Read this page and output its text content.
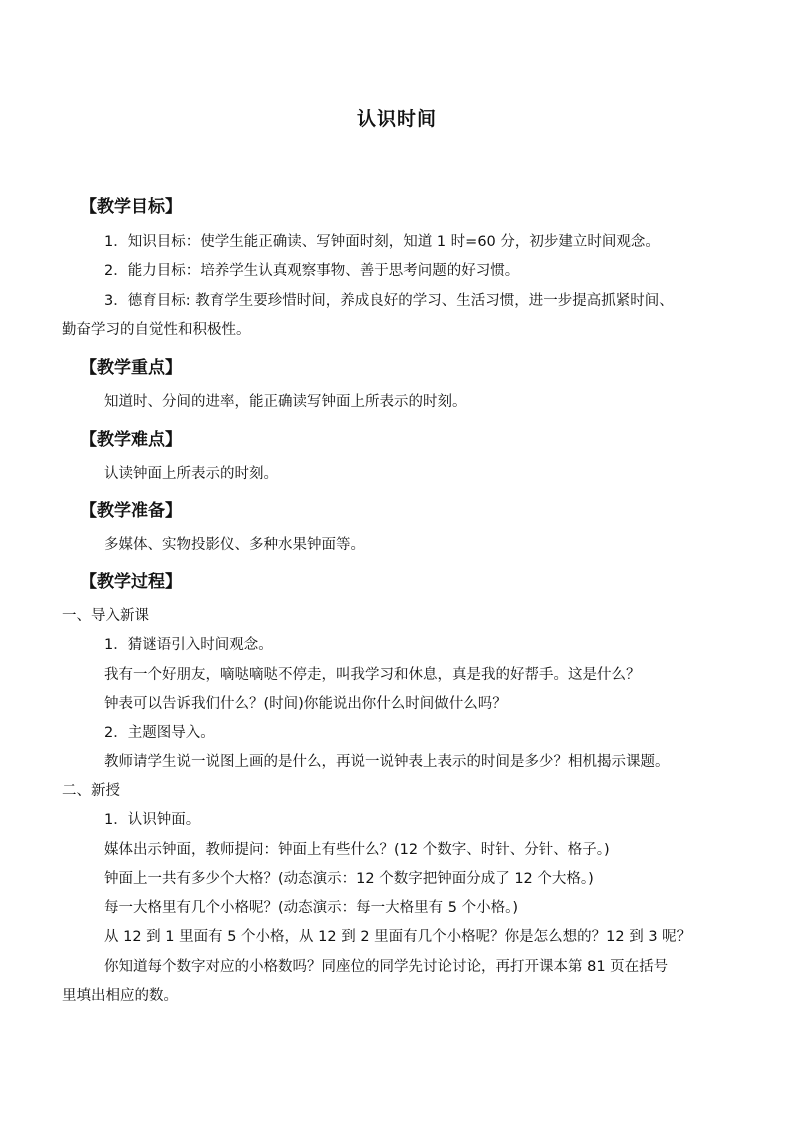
认识时间
【教学目标】
1．知识目标：使学生能正确读、写钟面时刻，知道 1 时=60 分，初步建立时间观念。
2．能力目标：培养学生认真观察事物、善于思考问题的好习惯。
3．德育目标: 教育学生要珍惜时间，养成良好的学习、生活习惯，进一步提高抓紧时间、
勤奋学习的自觉性和积极性。
【教学重点】
知道时、分间的进率，能正确读写钟面上所表示的时刻。
【教学难点】
认读钟面上所表示的时刻。
【教学准备】
多媒体、实物投影仪、多种水果钟面等。
【教学过程】
一、导入新课
1．猜谜语引入时间观念。
我有一个好朋友，嘀哒嘀哒不停走，叫我学习和休息，真是我的好帮手。这是什么？
钟表可以告诉我们什么？(时间)你能说出你什么时间做什么吗？
2．主题图导入。
教师请学生说一说图上画的是什么，再说一说钟表上表示的时间是多少？相机揭示课题。
二、新授
1．认识钟面。
媒体出示钟面，教师提问：钟面上有些什么？(12 个数字、时针、分针、格子。)
钟面上一共有多少个大格？(动态演示：12 个数字把钟面分成了 12 个大格。)
每一大格里有几个小格呢？(动态演示：每一大格里有 5 个小格。)
从 12 到 1 里面有 5 个小格，从 12 到 2 里面有几个小格呢？你是怎么想的？12 到 3 呢？
你知道每个数字对应的小格数吗？同座位的同学先讨论讨论，再打开课本第 81 页在括号
里填出相应的数。
